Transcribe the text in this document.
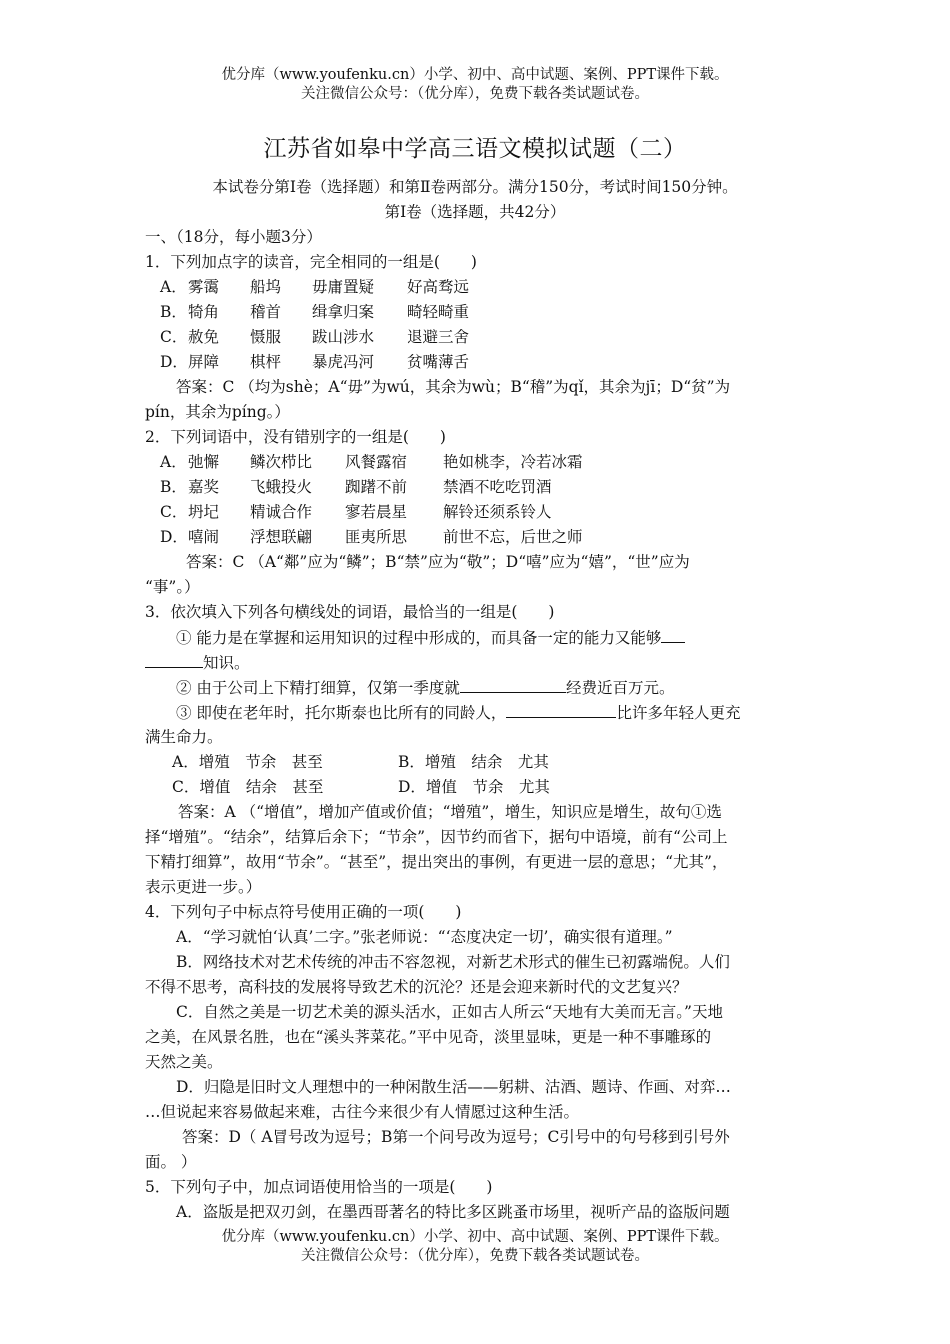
优分库（www.youfenku.cn）小学、初中、高中试题、案例、PPT课件下载。
关注微信公众号：（优分库），免费下载各类试题试卷。
江苏省如皋中学高三语文模拟试题（二）
本试卷分第Ⅰ卷（选择题）和第Ⅱ卷两部分。满分150分，考试时间150分钟。
第Ⅰ卷（选择题，共42分）
一、（18分，每小题3分）
1．下列加点字的读音，完全相同的一组是(　　)
A． 雾霭 船坞 毋庸置疑 好高骛远
B． 犄角 稽首 缉拿归案 畸轻畸重
C． 赦免 慑服 跋山涉水 退避三舍
D． 屏障 棋枰 暴虎冯河 贫嘴薄舌
答案：C （均为shè；A“毋”为wú，其余为wù；B“稽”为qǐ，其余为jī；D“贫”为
pín，其余为píng。）
2．下列词语中，没有错别字的一组是(　　)
A． 弛懈 鳞次栉比 风餐露宿 艳如桃李，冷若冰霜
B． 嘉奖 飞蛾投火 踟躇不前 禁酒不吃吃罚酒
C． 坍圮 精诚合作 寥若晨星 解铃还须系铃人
D． 嘻闹 浮想联翩 匪夷所思 前世不忘，后世之师
答案：C （A“鄰”应为“鳞”；B“禁”应为“敬”；D“嘻”应为“嬉”，“世”应为
“事”。）
3．依次填入下列各句横线处的词语，最恰当的一组是(　　)
① 能力是在掌握和运用知识的过程中形成的，而具备一定的能力又能够
知识。
② 由于公司上下精打细算，仅第一季度就	经费近百万元。
③ 即使在老年时，托尔斯泰也比所有的同龄人，	比许多年轻人更充
满生命力。
A．增殖　节余　甚至	B．增殖　结余　尤其
C．增值　结余　甚至	D．增值　节余　尤其
答案：A （“增值”，增加产值或价值；“增殖”，增生，知识应是增生，故句①选
择“增殖”。“结余”，结算后余下；“节余”，因节约而省下，据句中语境，前有“公司上
下精打细算”，故用“节余”。“甚至”，提出突出的事例，有更进一层的意思；“尤其”，
表示更进一步。）
4．下列句子中标点符号使用正确的一项(　　)
A．“学习就怕‘认真’二字。”张老师说：“‘态度决定一切’，确实很有道理。”
B．网络技术对艺术传统的冲击不容忽视，对新艺术形式的催生已初露端倪。人们
不得不思考，高科技的发展将导致艺术的沉沦？还是会迎来新时代的文艺复兴？
C．自然之美是一切艺术美的源头活水，正如古人所云“天地有大美而无言。”天地
之美，在风景名胜，也在“溪头荠菜花。”平中见奇，淡里显味，更是一种不事雕琢的
天然之美。
D．归隐是旧时文人理想中的一种闲散生活——躬耕、沽酒、题诗、作画、对弈…
…但说起来容易做起来难，古往今来很少有人情愿过这种生活。
答案：D（ A冒号改为逗号；B第一个问号改为逗号；C引号中的句号移到引号外
面。 ）
5．下列句子中，加点词语使用恰当的一项是(　　)
A．盗版是把双刃剑，在墨西哥著名的特比多区跳蚤市场里，视听产品的盗版问题
优分库（www.youfenku.cn）小学、初中、高中试题、案例、PPT课件下载。
关注微信公众号：（优分库），免费下载各类试题试卷。
